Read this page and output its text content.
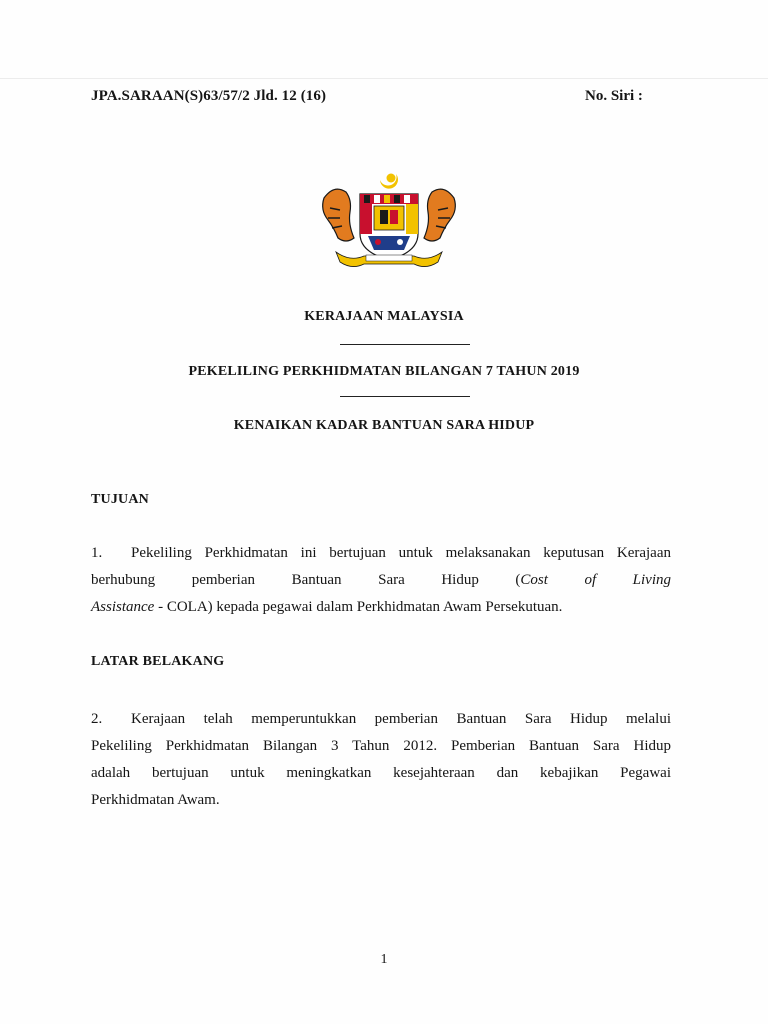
JPA.SARAAN(S)63/57/2 Jld. 12 (16)	No. Siri :
KERAJAAN MALAYSIA
PEKELILING PERKHIDMATAN BILANGAN 7 TAHUN 2019
KENAIKAN KADAR BANTUAN SARA HIDUP
TUJUAN
1. Pekeliling Perkhidmatan ini bertujuan untuk melaksanakan keputusan Kerajaan
berhubung pemberian Bantuan Sara Hidup (Cost of Living
Assistance - COLA) kepada pegawai dalam Perkhidmatan Awam Persekutuan.
LATAR BELAKANG
2. Kerajaan telah memperuntukkan pemberian Bantuan Sara Hidup melalui
Pekeliling Perkhidmatan Bilangan 3 Tahun 2012. Pemberian Bantuan Sara Hidup
adalah bertujuan untuk meningkatkan kesejahteraan dan kebajikan Pegawai
Perkhidmatan Awam.
1
